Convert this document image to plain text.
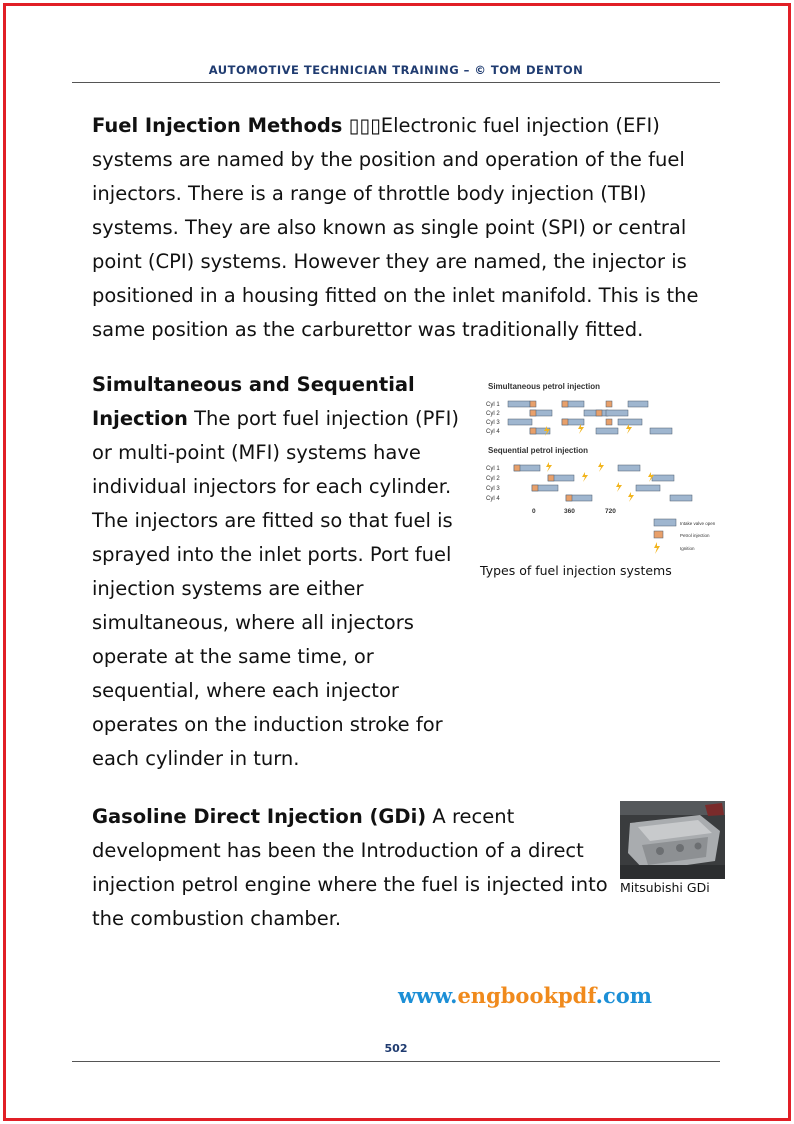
AUTOMOTIVE TECHNICIAN TRAINING – © TOM DENTON

Fuel Injection Methods ▯▯▯Electronic fuel injection (EFI) systems are named by the position and operation of the fuel injectors. There is a range of throttle body injection (TBI) systems. They are also known as single point (SPI) or central point (CPI) systems. However they are named, the injector is positioned in a housing fitted on the inlet manifold. This is the same position as the carburettor was traditionally fitted.

Simultaneous and Sequential Injection The port fuel injection (PFI) or multi-point (MFI) systems have individual injectors for each cylinder. The injectors are fitted so that fuel is sprayed into the inlet ports. Port fuel injection systems are either simultaneous, where all injectors operate at the same time, or sequential, where each injector operates on the induction stroke for each cylinder in turn.

Simultaneous petrol injection
Cyl 1
Cyl 2
Cyl 3
Cyl 4
Sequential petrol injection
Cyl 1
Cyl 2
Cyl 3
Cyl 4
0	360	720
Intake valve open
Petrol injection
Ignition
Types of fuel injection systems

Gasoline Direct Injection (GDi) A recent development has been the Introduction of a direct injection petrol engine where the fuel is injected into the combustion chamber.

Mitsubishi GDi
www.engbookpdf.com
502
